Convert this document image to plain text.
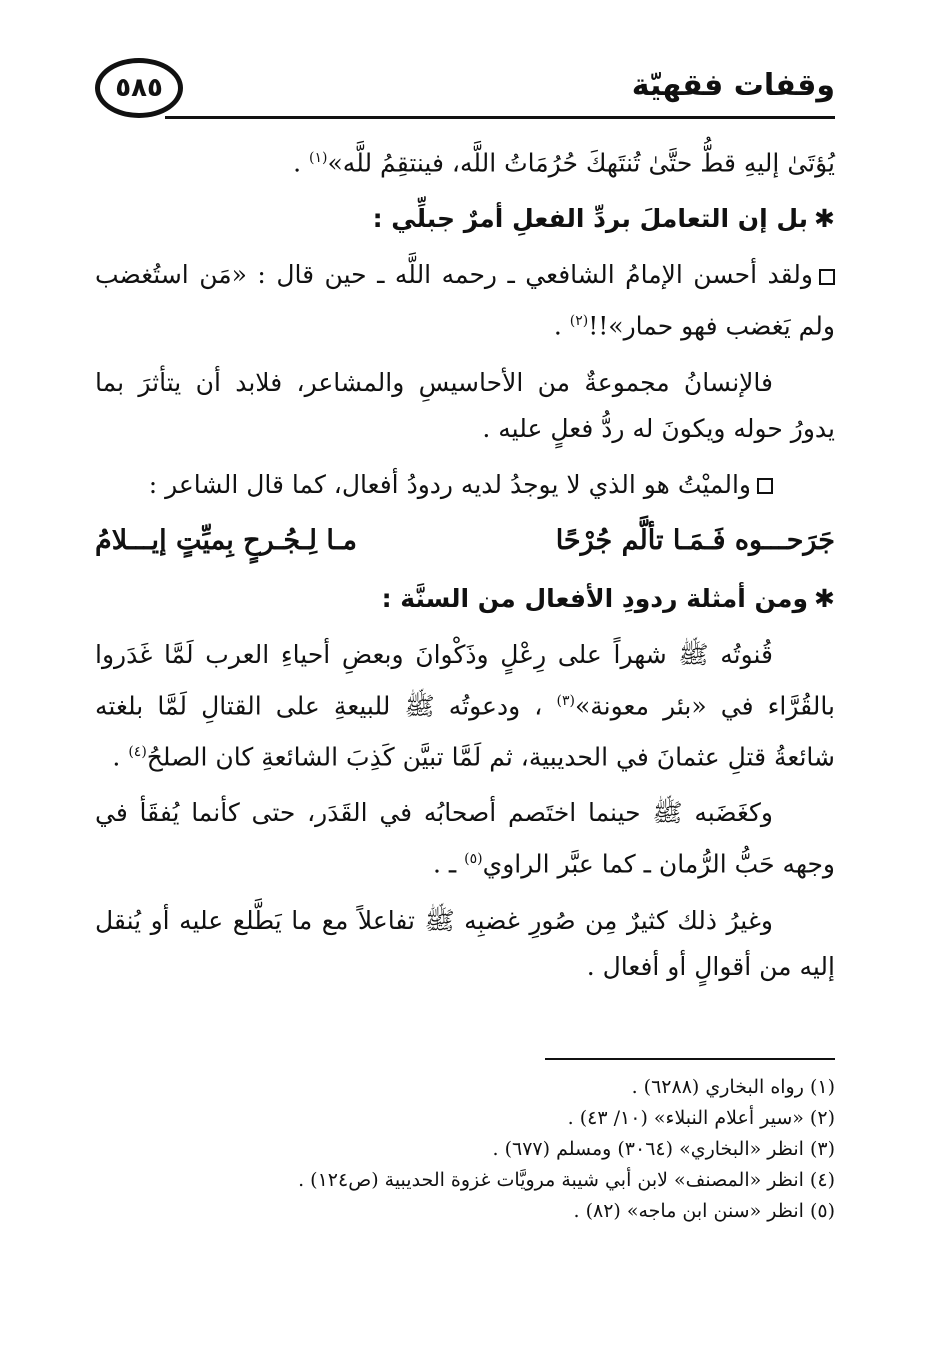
وقفات فقهيّة
٥٨٥

يُؤتَىٰ إليهِ قطُّ حتَّىٰ تُنتَهكَ حُرُمَاتُ اللَّه، فينتقِمُ للَّه»$^{(١)}$ .

✱بل إن التعاملَ بردِّ الفعلِ أمرٌ جبلِّي :

ولقد أحسن الإمامُ الشافعي ـ رحمه اللَّه ـ حين قال : «مَن استُغضب ولم يَغضب فهو حمار»!!$^{(٢)}$ .

فالإنسانُ مجموعةٌ من الأحاسيسِ والمشاعر، فلابد أن يتأثرَ بما يدورُ حوله ويكونَ له ردُّ فعلٍ عليه .

والميْتُ هو الذي لا يوجدُ لديه ردودُ أفعال، كما قال الشاعر :

جَرَحـــوه فَـمَـا تألَّم جُرْحًا
مـا لِـجُـرحٍ بِميِّتٍ إيـــلامُ

✱ومن أمثلة ردودِ الأفعال من السنَّة :

قُنوتُه ﷺ شهراً على رِعْلٍ وذَكْوانَ وبعضِ أحياءِ العرب لَمَّا غَدَروا بالقُرَّاء في «بئر معونة»$^{(٣)}$ ، ودعوتُه ﷺ للبيعةِ على القتالِ لَمَّا بلغته شائعةُ قتلِ عثمانَ في الحديبية، ثم لَمَّا تبيَّن كَذِبَ الشائعةِ كان الصلحُ$^{(٤)}$ .

وكغَضَبه ﷺ حينما اختَصم أصحابُه في القَدَر، حتى كأنما يُفقَأ في وجهه حَبُّ الرُّمان ـ كما عبَّر الراوي$^{(٥)}$ ـ .

وغيرُ ذلك كثيرٌ مِن صُورِ غضبِه ﷺ تفاعلاً مع ما يَطَّلع عليه أو يُنقل إليه من أقوالٍ أو أفعال .

(١) رواه البخاري (٦٢٨٨) .
(٢) «سير أعلام النبلاء» (١٠/ ٤٣) .
(٣) انظر «البخاري» (٣٠٦٤) ومسلم (٦٧٧) .
(٤) انظر «المصنف» لابن أبي شيبة مرويَّات غزوة الحديبية (ص١٢٤) .
(٥) انظر «سنن ابن ماجه» (٨٢) .
